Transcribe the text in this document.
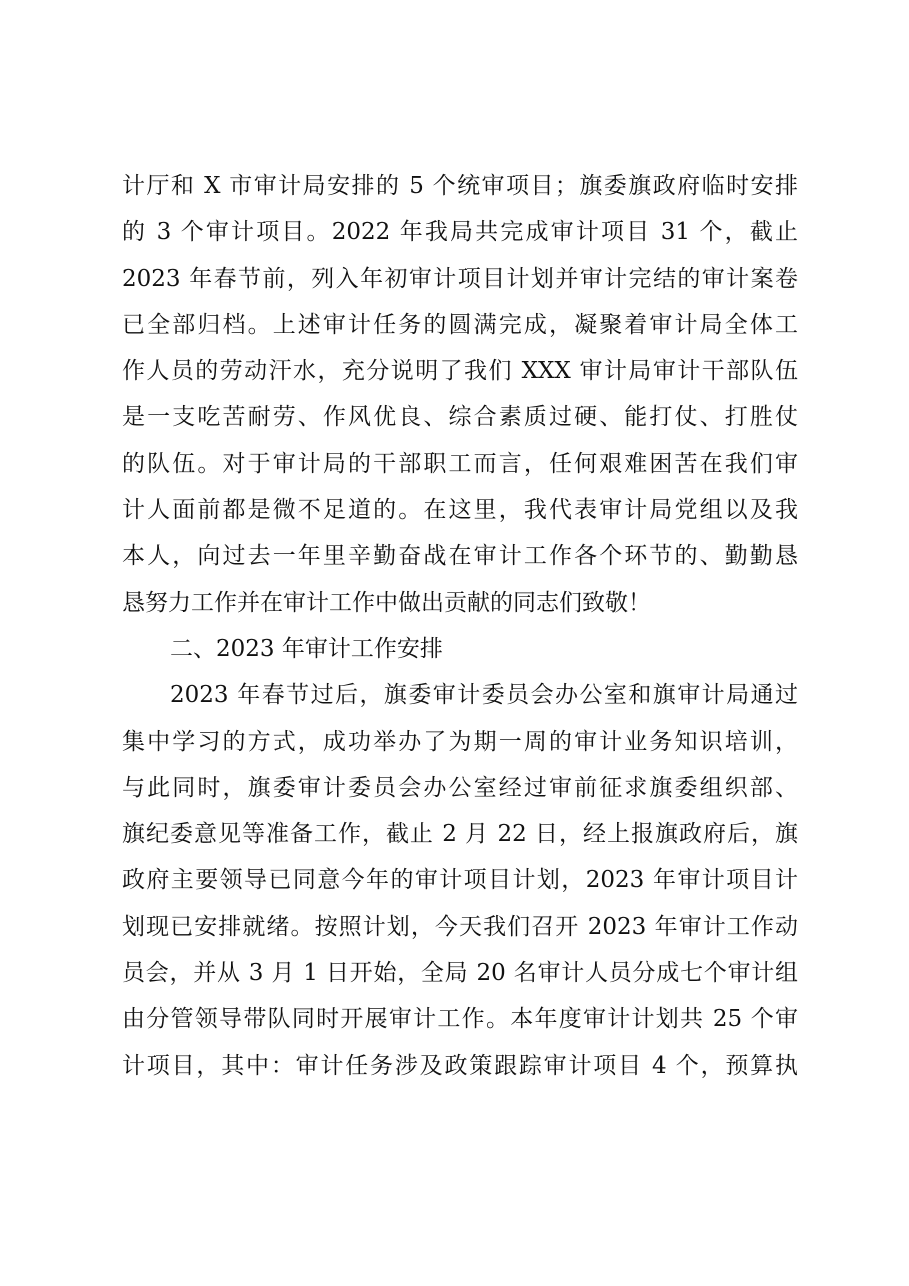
计厅和 X 市审计局安排的 5 个统审项目；旗委旗政府临时安排
的 3 个审计项目。2022 年我局共完成审计项目 31 个，截止
2023 年春节前，列入年初审计项目计划并审计完结的审计案卷
已全部归档。上述审计任务的圆满完成，凝聚着审计局全体工
作人员的劳动汗水，充分说明了我们 XXX 审计局审计干部队伍
是一支吃苦耐劳、作风优良、综合素质过硬、能打仗、打胜仗
的队伍。对于审计局的干部职工而言，任何艰难困苦在我们审
计人面前都是微不足道的。在这里，我代表审计局党组以及我
本人，向过去一年里辛勤奋战在审计工作各个环节的、勤勤恳
恳努力工作并在审计工作中做出贡献的同志们致敬！
二、2023 年审计工作安排
2023 年春节过后，旗委审计委员会办公室和旗审计局通过
集中学习的方式，成功举办了为期一周的审计业务知识培训，
与此同时，旗委审计委员会办公室经过审前征求旗委组织部、
旗纪委意见等准备工作，截止 2 月 22 日，经上报旗政府后，旗
政府主要领导已同意今年的审计项目计划，2023 年审计项目计
划现已安排就绪。按照计划，今天我们召开 2023 年审计工作动
员会，并从 3 月 1 日开始，全局 20 名审计人员分成七个审计组
由分管领导带队同时开展审计工作。本年度审计计划共 25 个审
计项目，其中：审计任务涉及政策跟踪审计项目 4 个，预算执
